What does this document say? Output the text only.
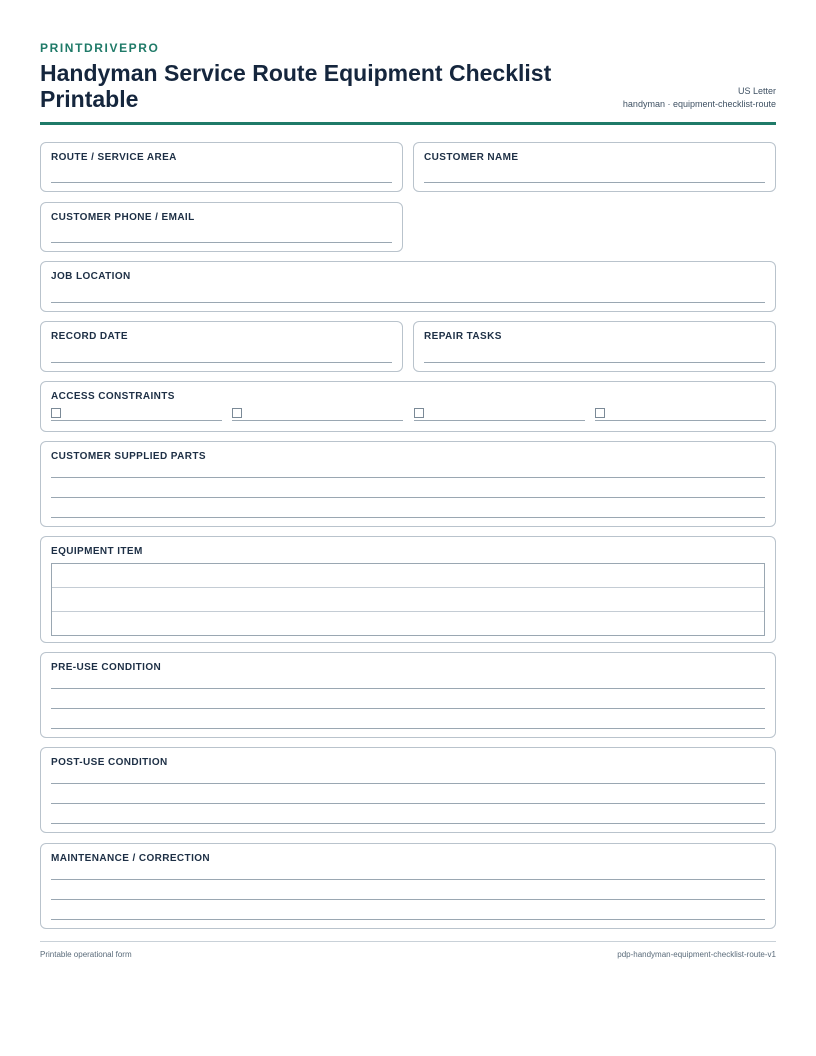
PRINTDRIVEPRO
Handyman Service Route Equipment Checklist Printable	US Letter
handyman · equipment-checklist-route
ROUTE / SERVICE AREA	CUSTOMER NAME
CUSTOMER PHONE / EMAIL
JOB LOCATION
RECORD DATE	REPAIR TASKS
ACCESS CONSTRAINTS
CUSTOMER SUPPLIED PARTS
EQUIPMENT ITEM
PRE-USE CONDITION
POST-USE CONDITION
MAINTENANCE / CORRECTION
Printable operational form	pdp-handyman-equipment-checklist-route-v1
